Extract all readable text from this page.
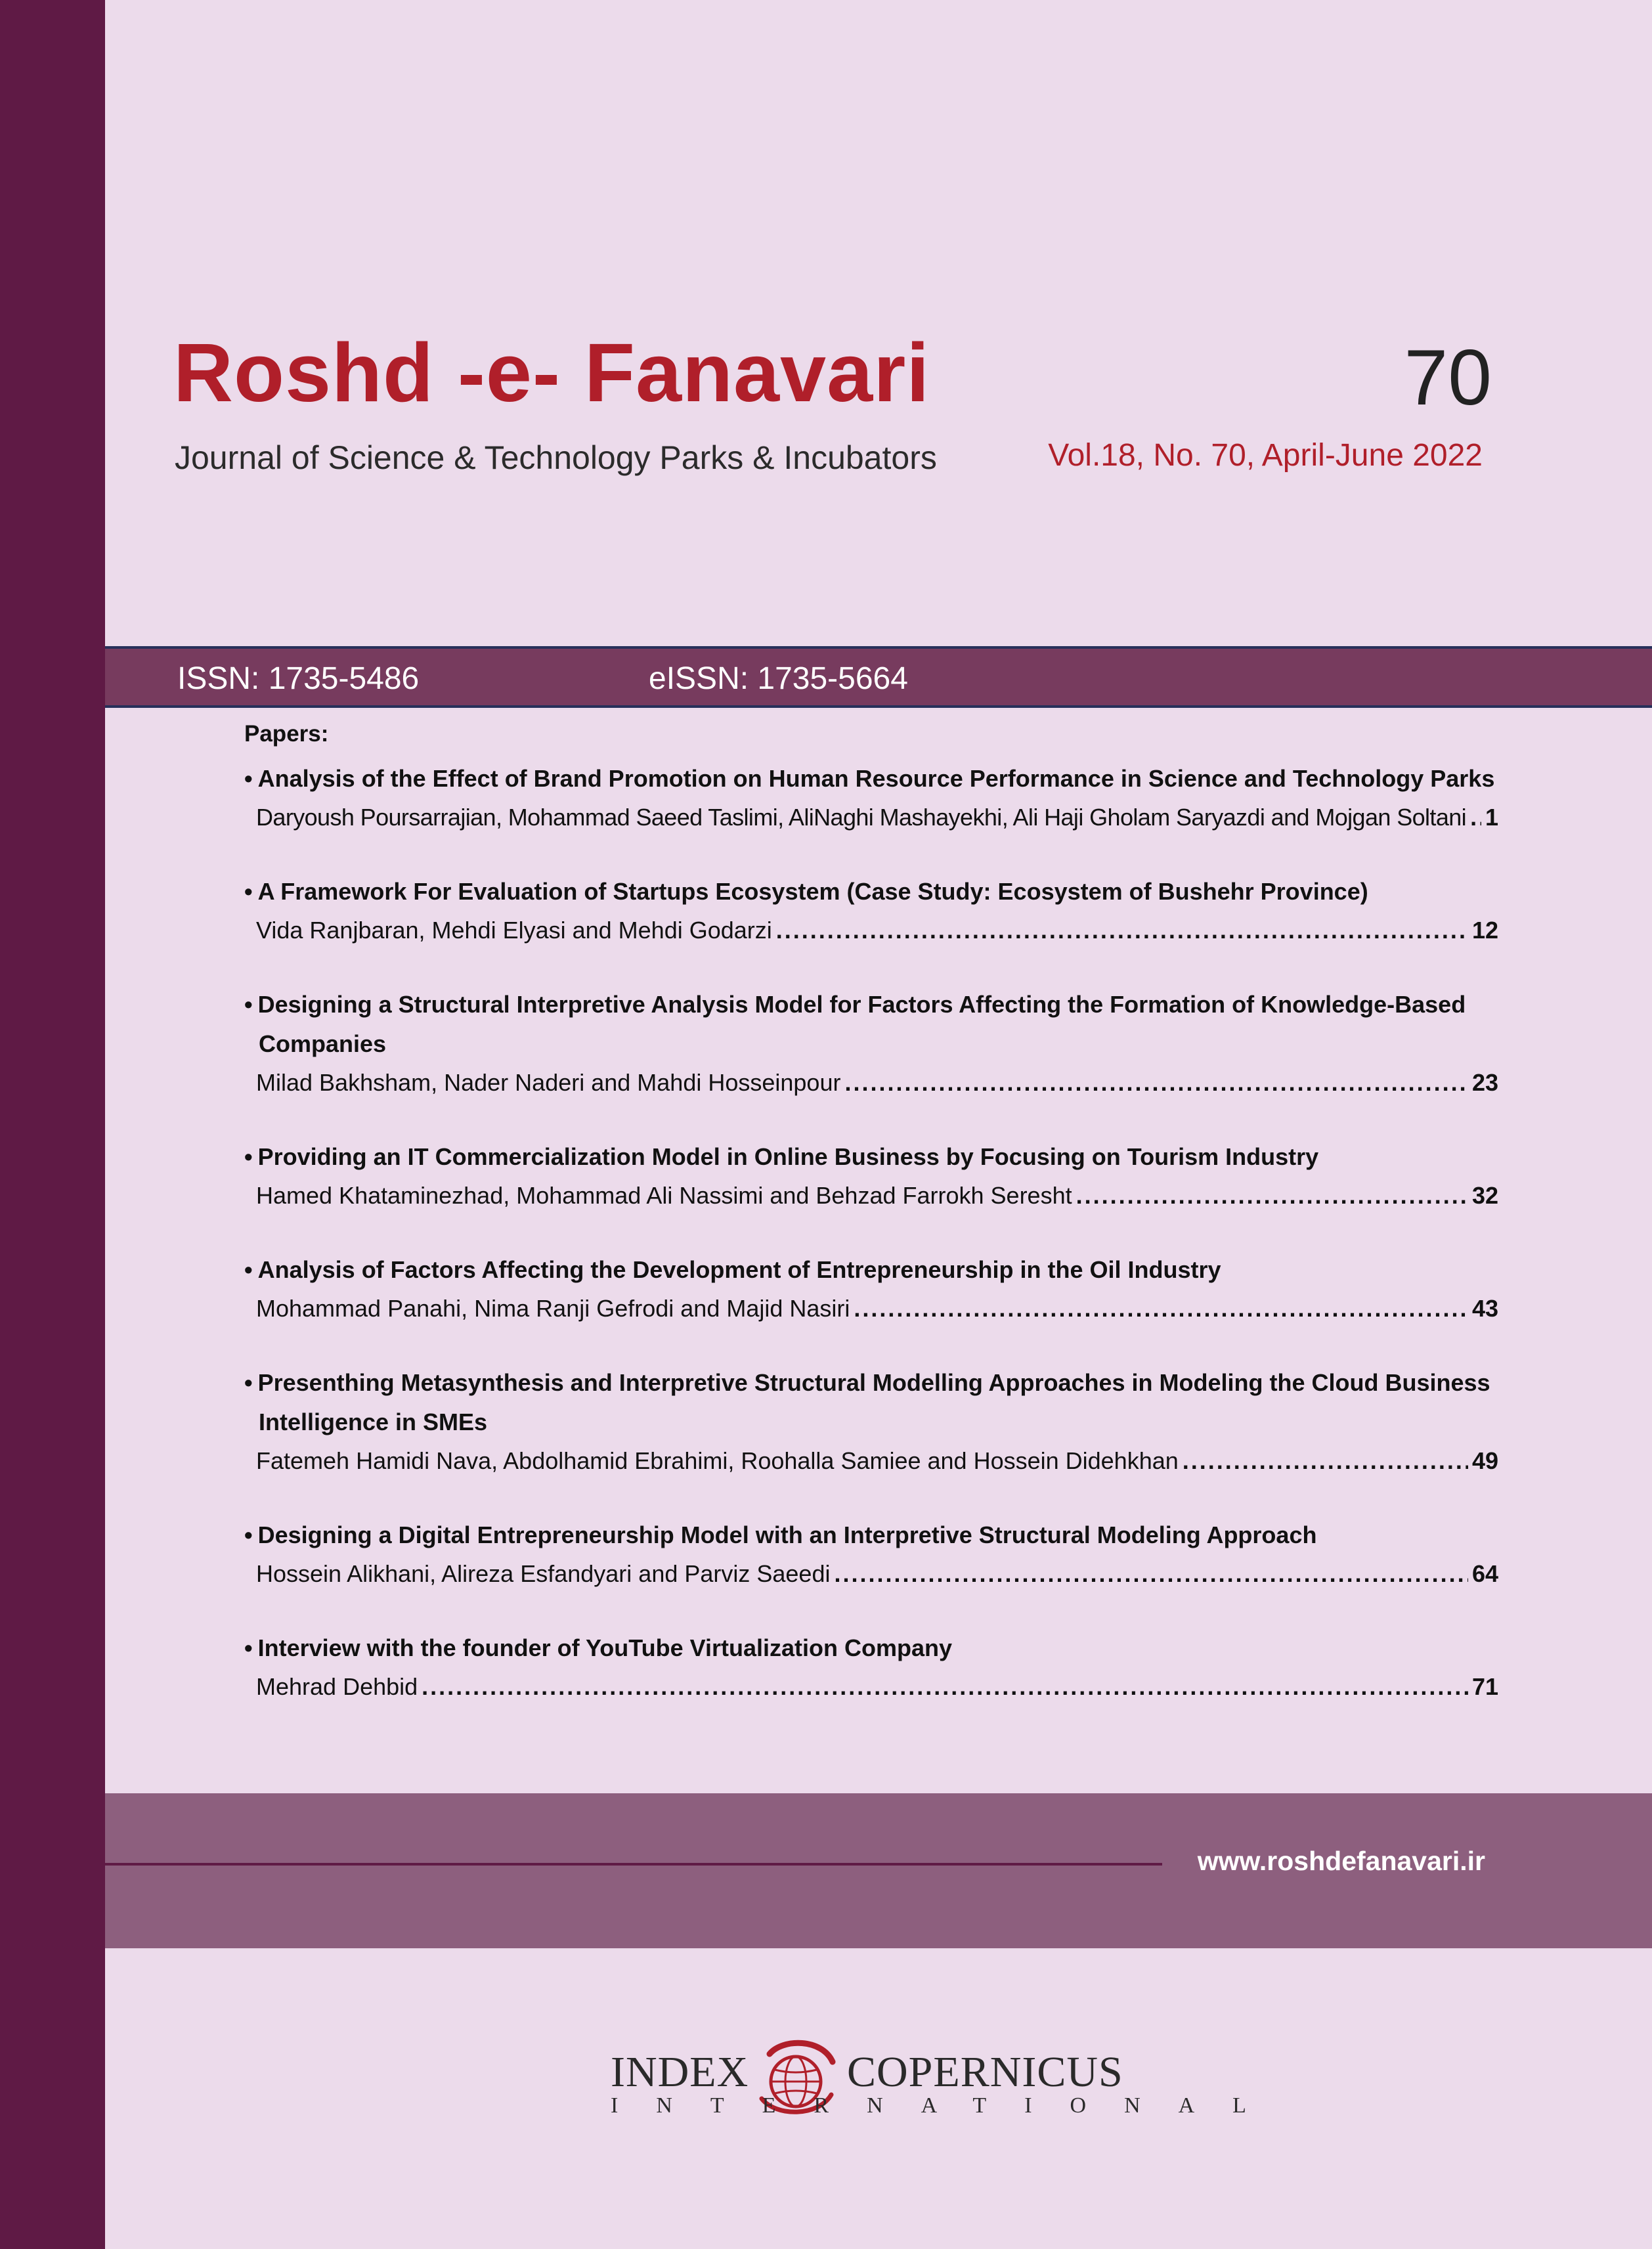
Roshd -e- Fanavari
Journal of Science & Technology Parks & Incubators
70
Vol.18, No. 70, April-June 2022
ISSN: 1735-5486	eISSN: 1735-5664
Papers:
• Analysis of the Effect of Brand Promotion on Human Resource Performance in Science and Technology Parks
Daryoush Poursarrajian, Mohammad Saeed Taslimi, AliNaghi Mashayekhi, Ali Haji Gholam Saryazdi and Mojgan Soltani ..... 1
• A Framework For Evaluation of Startups Ecosystem (Case Study: Ecosystem of Bushehr Province)
Vida Ranjbaran, Mehdi Elyasi and Mehdi Godarzi .....	12
• Designing a Structural Interpretive Analysis Model for Factors Affecting the Formation of Knowledge-Based Companies
Milad Bakhsham, Nader Naderi and Mahdi Hosseinpour .....	23
• Providing an IT Commercialization Model in Online Business by Focusing on Tourism Industry
Hamed Khataminezhad, Mohammad Ali Nassimi and Behzad Farrokh Seresht .....	32
• Analysis of Factors Affecting the Development of Entrepreneurship in the Oil Industry
Mohammad Panahi, Nima Ranji Gefrodi and Majid Nasiri .....	43
• Presenthing Metasynthesis and Interpretive Structural Modelling Approaches in Modeling the Cloud Business Intelligence in SMEs
Fatemeh Hamidi Nava, Abdolhamid Ebrahimi, Roohalla Samiee and Hossein Didehkhan .....	49
• Designing a Digital Entrepreneurship Model with an Interpretive Structural Modeling Approach
Hossein Alikhani, Alireza Esfandyari and Parviz Saeedi .....	64
• Interview with the founder of YouTube Virtualization Company
Mehrad Dehbid .....	71
www.roshdefanavari.ir
INDEX COPERNICUS
INTERNATIONAL
